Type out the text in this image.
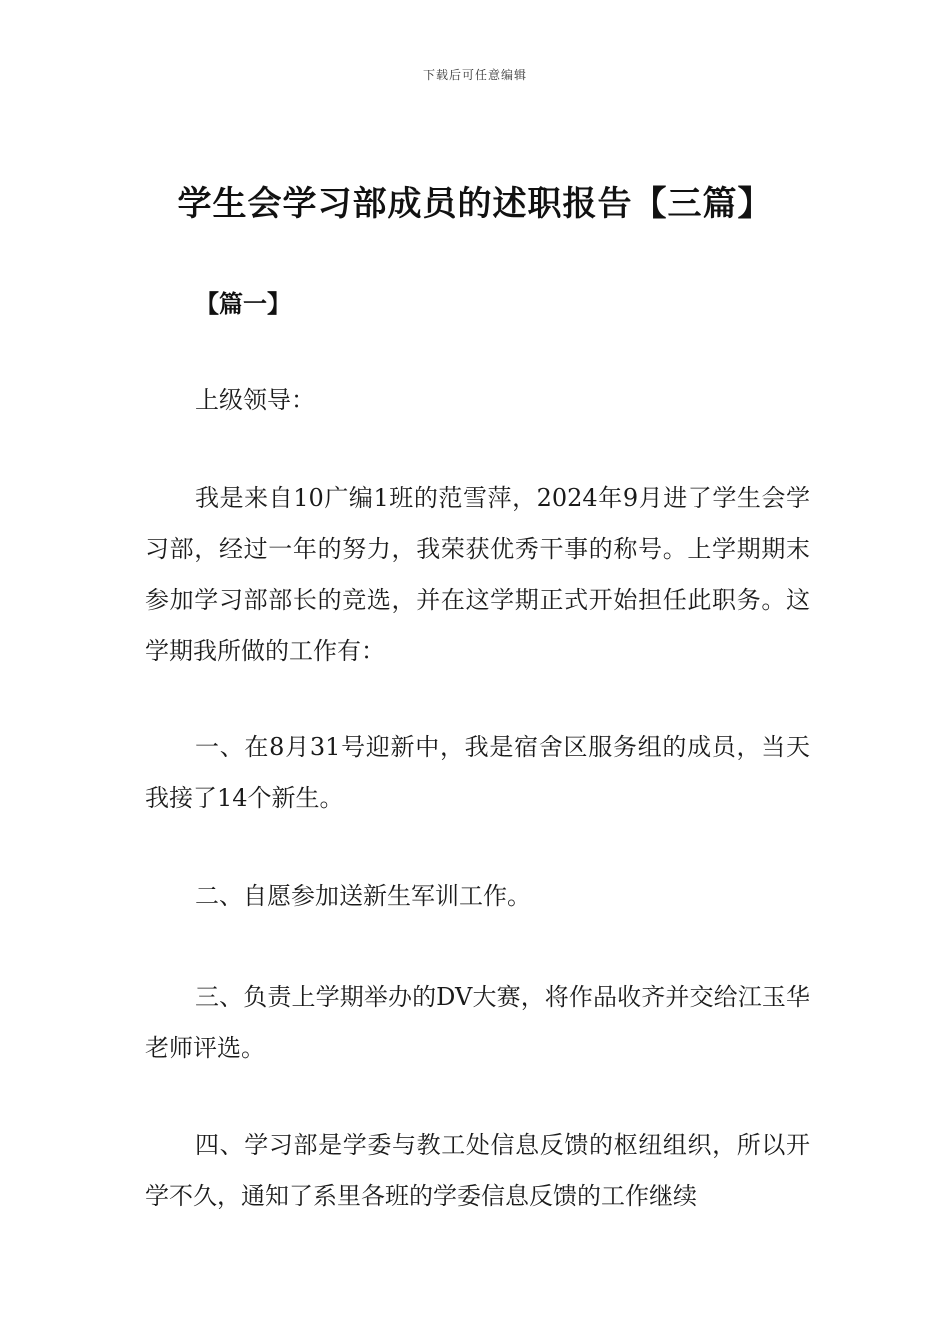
下载后可任意编辑
学生会学习部成员的述职报告【三篇】
【篇一】

上级领导：

我是来自10广编1班的范雪萍，2024年9月进了学生会学习部，经过一年的努力，我荣获优秀干事的称号。上学期期末参加学习部部长的竞选，并在这学期正式开始担任此职务。这学期我所做的工作有：

一、在8月31号迎新中，我是宿舍区服务组的成员，当天我接了14个新生。

二、自愿参加送新生军训工作。

三、负责上学期举办的DV大赛，将作品收齐并交给江玉华老师评选。

四、学习部是学委与教工处信息反馈的枢纽组织，所以开学不久，通知了系里各班的学委信息反馈的工作继续
